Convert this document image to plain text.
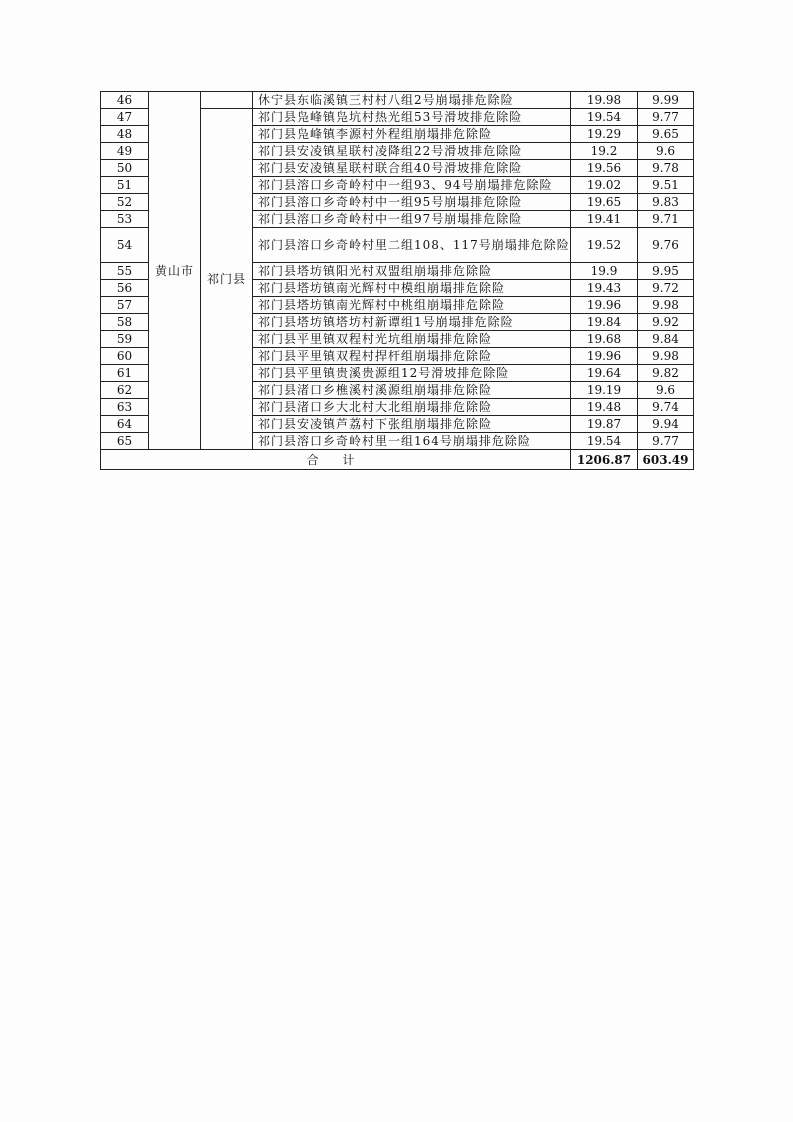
46	黄山市		休宁县东临溪镇三村村八组2号崩塌排危除险	19.98	9.99
47		祁门县	祁门县凫峰镇凫坑村热光组53号滑坡排危除险	19.54	9.77
48			祁门县凫峰镇李源村外程组崩塌排危除险	19.29	9.65
49			祁门县安凌镇星联村凌降组22号滑坡排危除险	19.2	9.6
50			祁门县安凌镇星联村联合组40号滑坡排危除险	19.56	9.78
51			祁门县溶口乡奇岭村中一组93、94号崩塌排危除险	19.02	9.51
52			祁门县溶口乡奇岭村中一组95号崩塌排危除险	19.65	9.83
53			祁门县溶口乡奇岭村中一组97号崩塌排危除险	19.41	9.71
54			祁门县溶口乡奇岭村里二组108、117号崩塌排危除险	19.52	9.76
55			祁门县塔坊镇阳光村双盟组崩塌排危除险	19.9	9.95
56			祁门县塔坊镇南光辉村中模组崩塌排危除险	19.43	9.72
57			祁门县塔坊镇南光辉村中桃组崩塌排危除险	19.96	9.98
58			祁门县塔坊镇塔坊村新谭组1号崩塌排危除险	19.84	9.92
59			祁门县平里镇双程村光坑组崩塌排危除险	19.68	9.84
60			祁门县平里镇双程村捍杆组崩塌排危除险	19.96	9.98
61			祁门县平里镇贵溪贵源组12号滑坡排危除险	19.64	9.82
62			祁门县渚口乡樵溪村溪源组崩塌排危除险	19.19	9.6
63			祁门县渚口乡大北村大北组崩塌排危除险	19.48	9.74
64			祁门县安凌镇芦荔村下张组崩塌排危除险	19.87	9.94
65			祁门县溶口乡奇岭村里一组164号崩塌排危除险	19.54	9.77
合 计				1206.87	603.49
